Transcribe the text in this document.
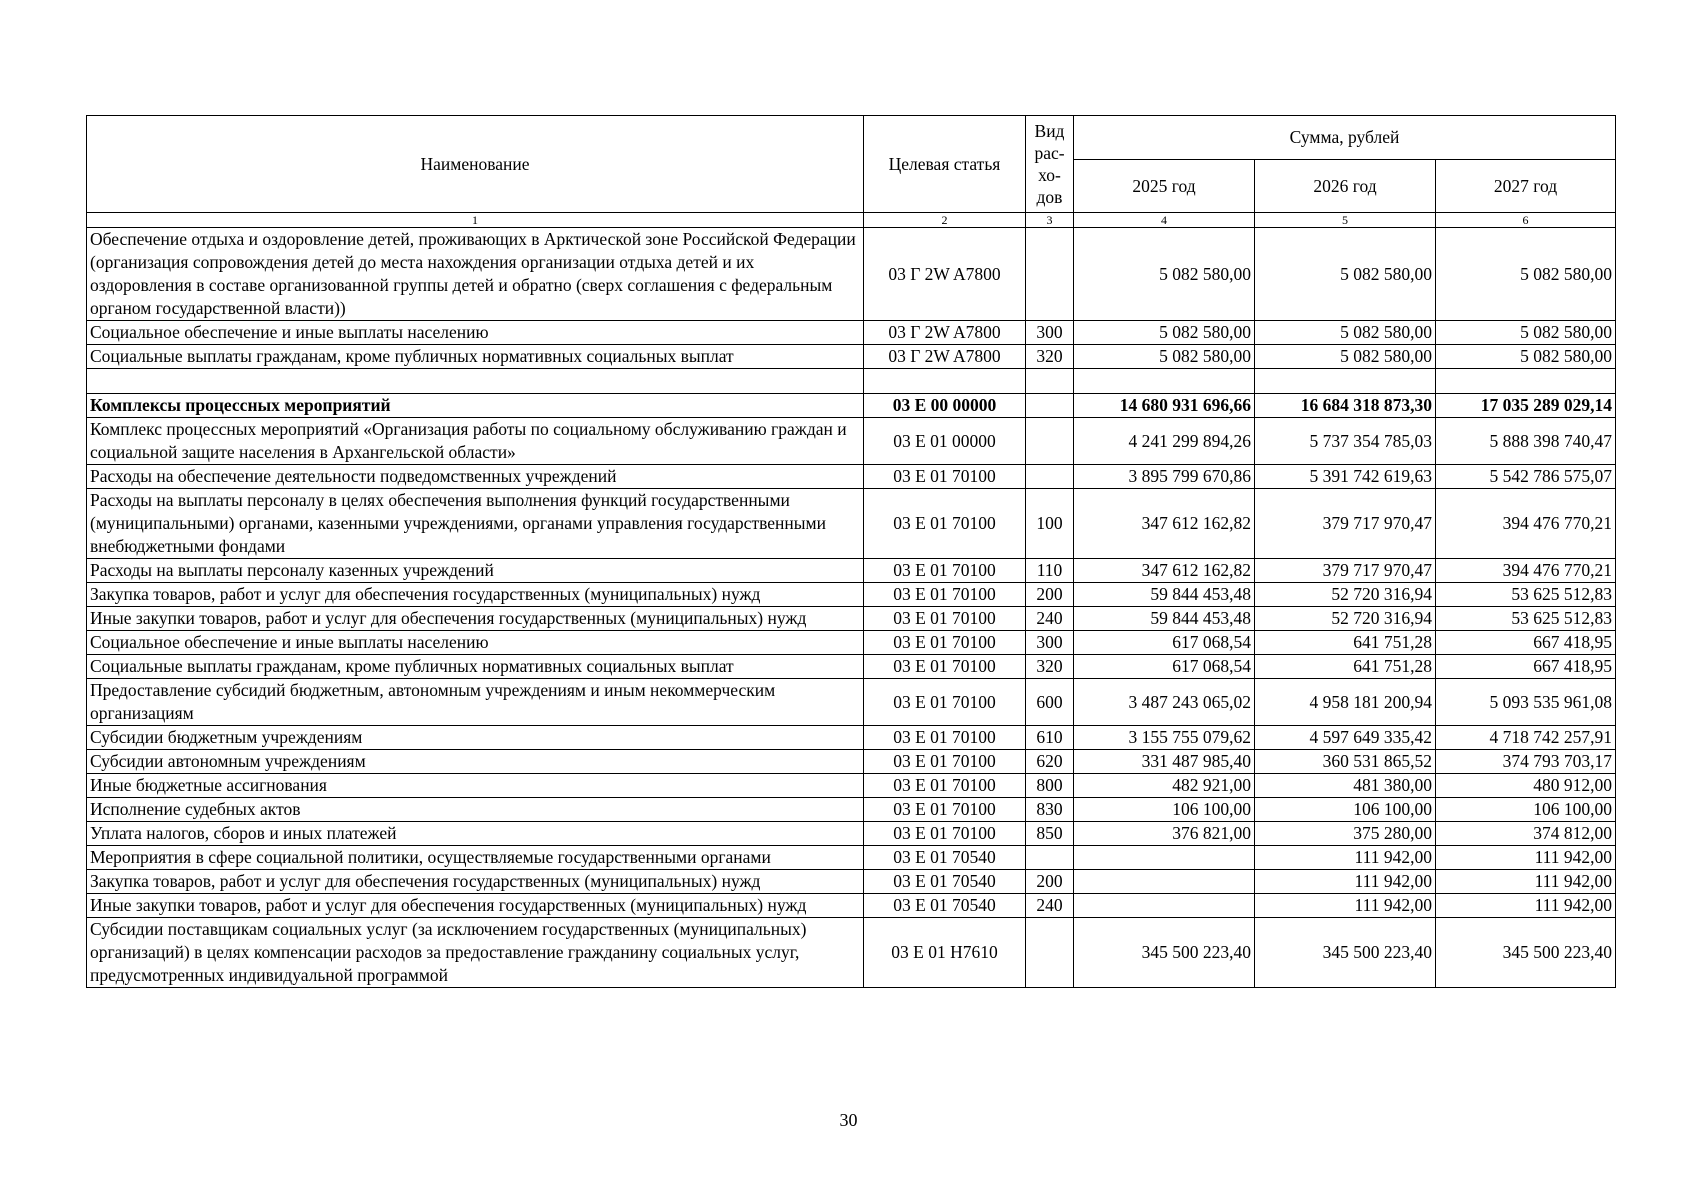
Наименование	Целевая статья	Вид
рас-
хо-
дов	Сумма, рублей		
			2025 год	2026 год	2027 год
1	2	3	4	5	6
Обеспечение отдыха и оздоровление детей, проживающих в Арктической зоне Российской Федерации (организация сопровождения детей до места нахождения организации отдыха детей и их оздоровления в составе организованной группы детей и обратно (сверх соглашения с федеральным органом государственной власти))	03 Г 2W A7800		5 082 580,00	5 082 580,00	5 082 580,00
Социальное обеспечение и иные выплаты населению	03 Г 2W A7800	300	5 082 580,00	5 082 580,00	5 082 580,00
Социальные выплаты гражданам, кроме публичных нормативных социальных выплат	03 Г 2W A7800	320	5 082 580,00	5 082 580,00	5 082 580,00

Комплексы процессных мероприятий	03 Е 00 00000		14 680 931 696,66	16 684 318 873,30	17 035 289 029,14
Комплекс процессных мероприятий «Организация работы по социальному обслуживанию граждан и социальной защите населения в Архангельской области»	03 Е 01 00000		4 241 299 894,26	5 737 354 785,03	5 888 398 740,47
Расходы на обеспечение деятельности подведомственных учреждений	03 Е 01 70100		3 895 799 670,86	5 391 742 619,63	5 542 786 575,07
Расходы на выплаты персоналу в целях обеспечения выполнения функций государственными (муниципальными) органами, казенными учреждениями, органами управления государственными внебюджетными фондами	03 Е 01 70100	100	347 612 162,82	379 717 970,47	394 476 770,21
Расходы на выплаты персоналу казенных учреждений	03 Е 01 70100	110	347 612 162,82	379 717 970,47	394 476 770,21
Закупка товаров, работ и услуг для обеспечения государственных (муниципальных) нужд	03 Е 01 70100	200	59 844 453,48	52 720 316,94	53 625 512,83
Иные закупки товаров, работ и услуг для обеспечения государственных (муниципальных) нужд	03 Е 01 70100	240	59 844 453,48	52 720 316,94	53 625 512,83
Социальное обеспечение и иные выплаты населению	03 Е 01 70100	300	617 068,54	641 751,28	667 418,95
Социальные выплаты гражданам, кроме публичных нормативных социальных выплат	03 Е 01 70100	320	617 068,54	641 751,28	667 418,95
Предоставление субсидий бюджетным, автономным учреждениям и иным некоммерческим организациям	03 Е 01 70100	600	3 487 243 065,02	4 958 181 200,94	5 093 535 961,08
Субсидии бюджетным учреждениям	03 Е 01 70100	610	3 155 755 079,62	4 597 649 335,42	4 718 742 257,91
Субсидии автономным учреждениям	03 Е 01 70100	620	331 487 985,40	360 531 865,52	374 793 703,17
Иные бюджетные ассигнования	03 Е 01 70100	800	482 921,00	481 380,00	480 912,00
Исполнение судебных актов	03 Е 01 70100	830	106 100,00	106 100,00	106 100,00
Уплата налогов, сборов и иных платежей	03 Е 01 70100	850	376 821,00	375 280,00	374 812,00
Мероприятия в сфере социальной политики, осуществляемые государственными органами	03 Е 01 70540			111 942,00	111 942,00
Закупка товаров, работ и услуг для обеспечения государственных (муниципальных) нужд	03 Е 01 70540	200		111 942,00	111 942,00
Иные закупки товаров, работ и услуг для обеспечения государственных (муниципальных) нужд	03 Е 01 70540	240		111 942,00	111 942,00
Субсидии поставщикам социальных услуг (за исключением государственных (муниципальных) организаций) в целях компенсации расходов за предоставление гражданину социальных услуг, предусмотренных индивидуальной программой	03 Е 01 Н7610		345 500 223,40	345 500 223,40	345 500 223,40
30
